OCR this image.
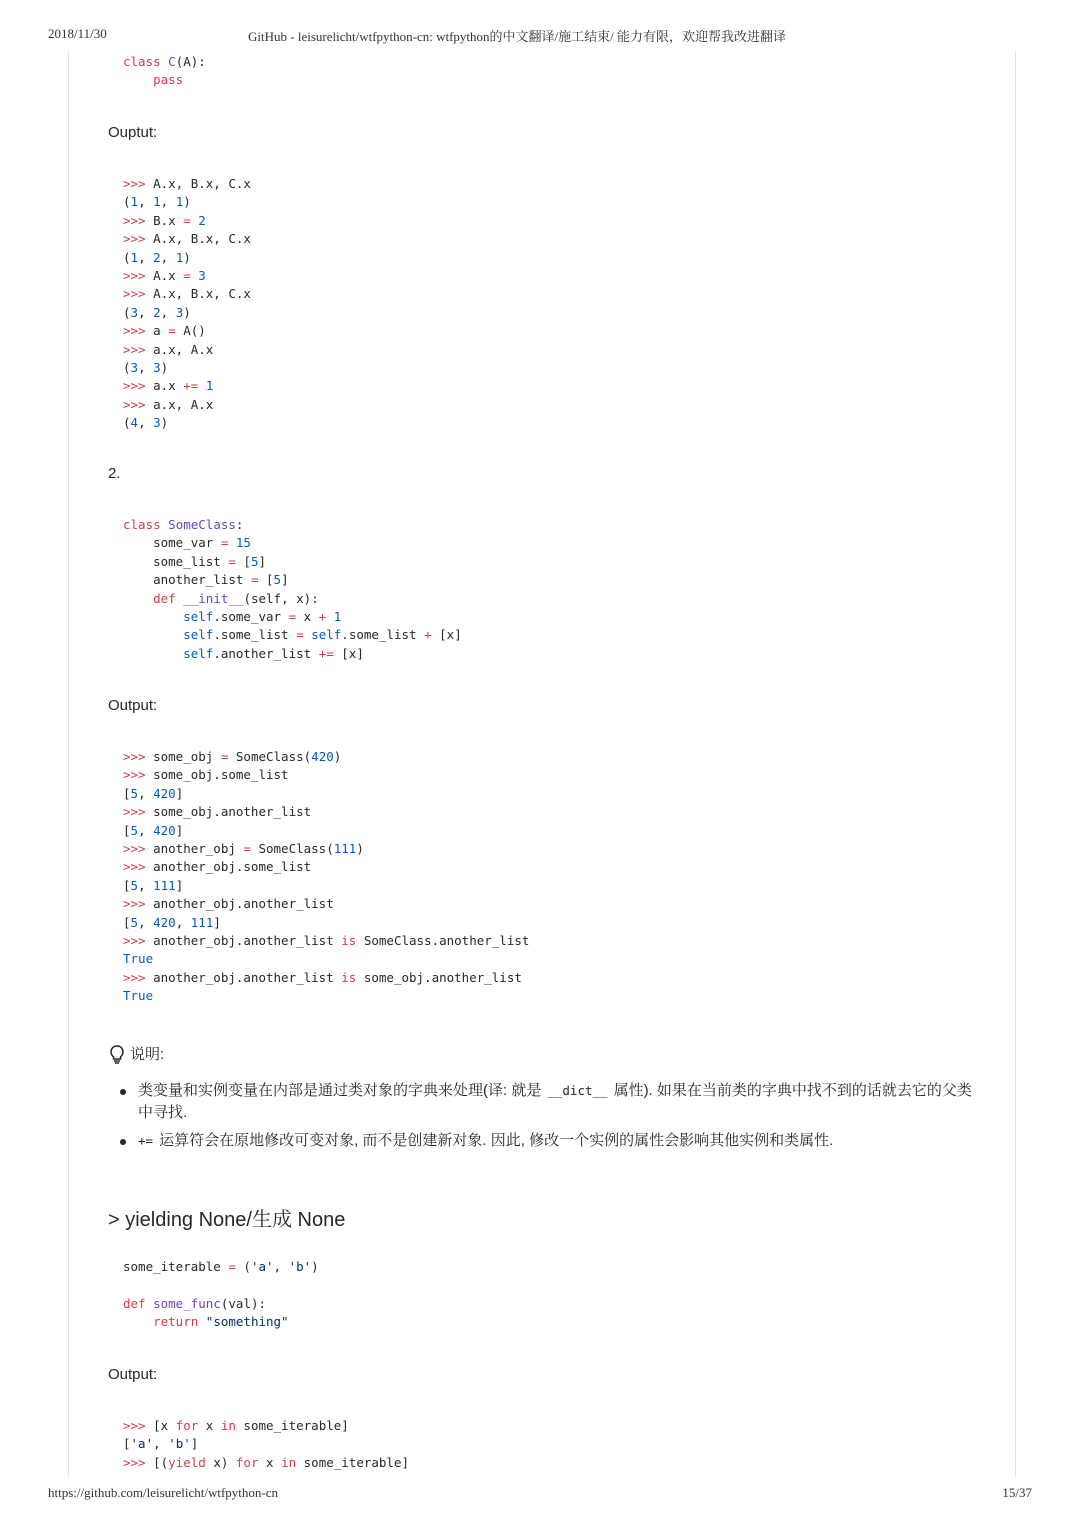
2018/11/30	GitHub - leisurelicht/wtfpython-cn: wtfpython的中文翻译/施工结束/ 能力有限，欢迎帮我改进翻译
class C(A):
pass
Ouptut:
>>> A.x, B.x, C.x
(1, 1, 1)
>>> B.x = 2
>>> A.x, B.x, C.x
(1, 2, 1)
>>> A.x = 3
>>> A.x, B.x, C.x
(3, 2, 3)
>>> a = A()
>>> a.x, A.x
(3, 3)
>>> a.x += 1
>>> a.x, A.x
(4, 3)
2.
class SomeClass:
some_var = 15
some_list = [5]
another_list = [5]
def __init__(self, x):
self.some_var = x + 1
self.some_list = self.some_list + [x]
self.another_list += [x]
Output:
>>> some_obj = SomeClass(420)
>>> some_obj.some_list
[5, 420]
>>> some_obj.another_list
[5, 420]
>>> another_obj = SomeClass(111)
>>> another_obj.some_list
[5, 111]
>>> another_obj.another_list
[5, 420, 111]
>>> another_obj.another_list is SomeClass.another_list
True
>>> another_obj.another_list is some_obj.another_list
True
说明:
类变量和实例变量在内部是通过类对象的字典来处理(译: 就是 __dict__ 属性). 如果在当前类的字典中找不到的话就去它的父类中寻找.
+= 运算符会在原地修改可变对象, 而不是创建新对象. 因此, 修改一个实例的属性会影响其他实例和类属性.
> yielding None/生成 None
some_iterable = ('a', 'b')

def some_func(val):
return "something"
Output:
>>> [x for x in some_iterable]
['a', 'b']
>>> [(yield x) for x in some_iterable]
https://github.com/leisurelicht/wtfpython-cn	15/37
